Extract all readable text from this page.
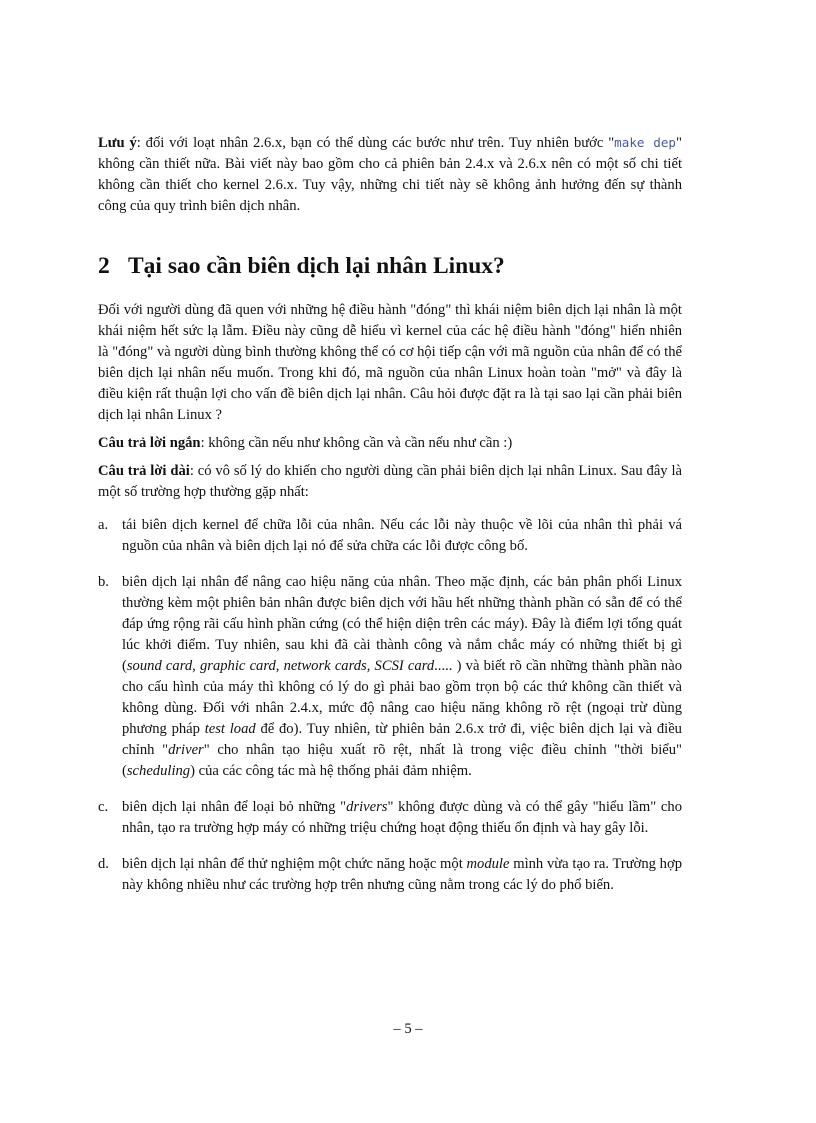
Lưu ý: đối với loạt nhân 2.6.x, bạn có thể dùng các bước như trên. Tuy nhiên bước "make dep" không cần thiết nữa. Bài viết này bao gồm cho cả phiên bản 2.4.x và 2.6.x nên có một số chi tiết không cần thiết cho kernel 2.6.x. Tuy vậy, những chi tiết này sẽ không ảnh hưởng đến sự thành công của quy trình biên dịch nhân.

2 Tại sao cần biên dịch lại nhân Linux?

Đối với người dùng đã quen với những hệ điều hành "đóng" thì khái niệm biên dịch lại nhân là một khái niệm hết sức lạ lẫm. Điều này cũng dễ hiểu vì kernel của các hệ điều hành "đóng" hiển nhiên là "đóng" và người dùng bình thường không thể có cơ hội tiếp cận với mã nguồn của nhân để có thể biên dịch lại nhân nếu muốn. Trong khi đó, mã nguồn của nhân Linux hoàn toàn "mở" và đây là điều kiện rất thuận lợi cho vấn đề biên dịch lại nhân. Câu hỏi được đặt ra là tại sao lại cần phải biên dịch lại nhân Linux ?

Câu trả lời ngắn: không cần nếu như không cần và cần nếu như cần :)

Câu trả lời dài: có vô số lý do khiến cho người dùng cần phải biên dịch lại nhân Linux. Sau đây là một số trường hợp thường gặp nhất:

a. tái biên dịch kernel để chữa lỗi của nhân. Nếu các lỗi này thuộc về lõi của nhân thì phải vá nguồn của nhân và biên dịch lại nó để sửa chữa các lỗi được công bố.

b. biên dịch lại nhân để nâng cao hiệu năng của nhân. Theo mặc định, các bản phân phối Linux thường kèm một phiên bản nhân được biên dịch với hầu hết những thành phần có sẵn để có thể đáp ứng rộng rãi cấu hình phần cứng (có thể hiện diện trên các máy). Đây là điểm lợi tổng quát lúc khởi điểm. Tuy nhiên, sau khi đã cài thành công và nắm chắc máy có những thiết bị gì (sound card, graphic card, network cards, SCSI card..... ) và biết rõ cần những thành phần nào cho cấu hình của máy thì không có lý do gì phải bao gồm trọn bộ các thứ không cần thiết và không dùng. Đối với nhân 2.4.x, mức độ nâng cao hiệu năng không rõ rệt (ngoại trừ dùng phương pháp test load để đo). Tuy nhiên, từ phiên bản 2.6.x trở đi, việc biên dịch lại và điều chỉnh "driver" cho nhân tạo hiệu xuất rõ rệt, nhất là trong việc điều chỉnh "thời biểu" (scheduling) của các công tác mà hệ thống phải đảm nhiệm.

c. biên dịch lại nhân để loại bỏ những "drivers" không được dùng và có thể gây "hiểu lầm" cho nhân, tạo ra trường hợp máy có những triệu chứng hoạt động thiếu ổn định và hay gây lỗi.

d. biên dịch lại nhân để thử nghiệm một chức năng hoặc một module mình vừa tạo ra. Trường hợp này không nhiều như các trường hợp trên nhưng cũng nằm trong các lý do phổ biến.

– 5 –
